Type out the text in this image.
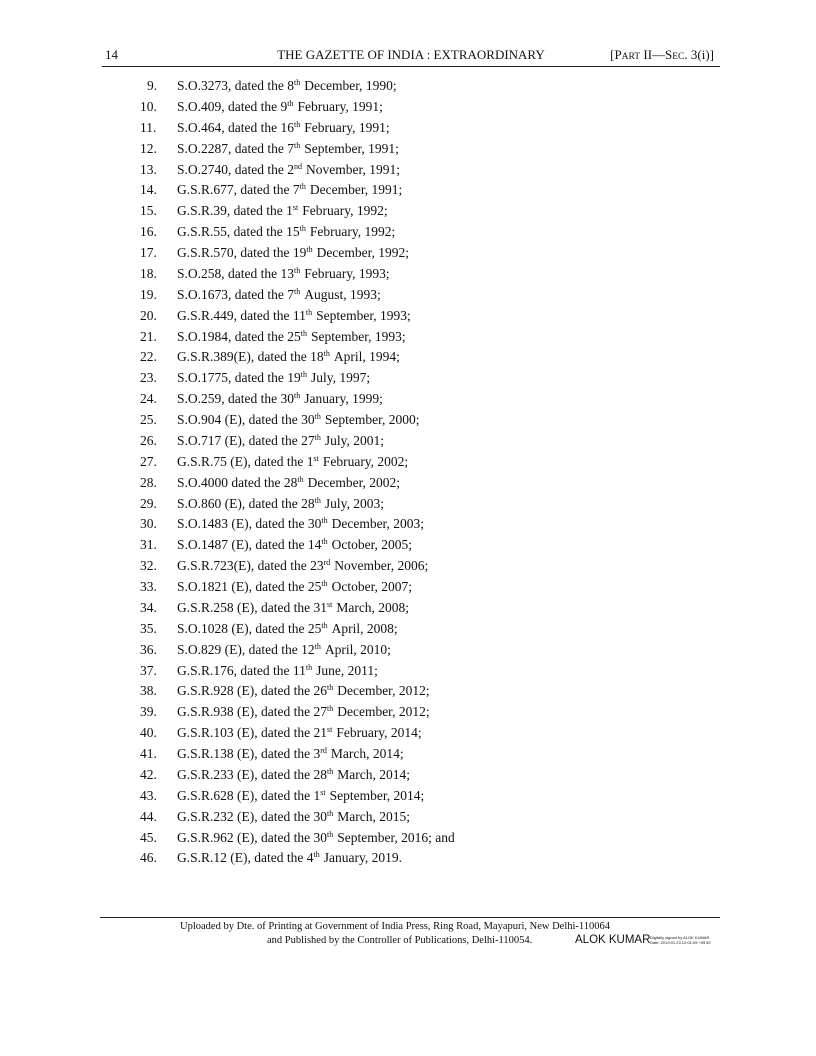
14	THE GAZETTE OF INDIA : EXTRAORDINARY	[PART II—SEC. 3(i)]
9. S.O.3273, dated the 8th December, 1990;
10. S.O.409, dated the 9th February, 1991;
11. S.O.464, dated the 16th February, 1991;
12. S.O.2287, dated the 7th September, 1991;
13. S.O.2740, dated the 2nd November, 1991;
14. G.S.R.677, dated the 7th December, 1991;
15. G.S.R.39, dated the 1st February, 1992;
16. G.S.R.55, dated the 15th February, 1992;
17. G.S.R.570, dated the 19th December, 1992;
18. S.O.258, dated the 13th February, 1993;
19. S.O.1673, dated the 7th August, 1993;
20. G.S.R.449, dated the 11th September, 1993;
21. S.O.1984, dated the 25th September, 1993;
22. G.S.R.389(E), dated the 18th April, 1994;
23. S.O.1775, dated the 19th July, 1997;
24. S.O.259, dated the 30th January, 1999;
25. S.O.904 (E), dated the 30th September, 2000;
26. S.O.717 (E), dated the 27th July, 2001;
27. G.S.R.75 (E), dated the 1st February, 2002;
28. S.O.4000 dated the 28th December, 2002;
29. S.O.860 (E), dated the 28th July, 2003;
30. S.O.1483 (E), dated the 30th December, 2003;
31. S.O.1487 (E), dated the 14th October, 2005;
32. G.S.R.723(E), dated the 23rd November, 2006;
33. S.O.1821 (E), dated the 25th October, 2007;
34. G.S.R.258 (E), dated the 31st March, 2008;
35. S.O.1028 (E), dated the 25th April, 2008;
36. S.O.829 (E), dated the 12th April, 2010;
37. G.S.R.176, dated the 11th June, 2011;
38. G.S.R.928 (E), dated the 26th December, 2012;
39. G.S.R.938 (E), dated the 27th December, 2012;
40. G.S.R.103 (E), dated the 21st February, 2014;
41. G.S.R.138 (E), dated the 3rd March, 2014;
42. G.S.R.233 (E), dated the 28th March, 2014;
43. G.S.R.628 (E), dated the 1st September, 2014;
44. G.S.R.232 (E), dated the 30th March, 2015;
45. G.S.R.962 (E), dated the 30th September, 2016; and
46. G.S.R.12 (E), dated the 4th January, 2019.
Uploaded by Dte. of Printing at Government of India Press, Ring Road, Mayapuri, New Delhi-110064
and Published by the Controller of Publications, Delhi-110054.	ALOK KUMAR Digitally signed by ALOK KUMAR
Date: 2019.01.23 12:01:09 +05'30'
